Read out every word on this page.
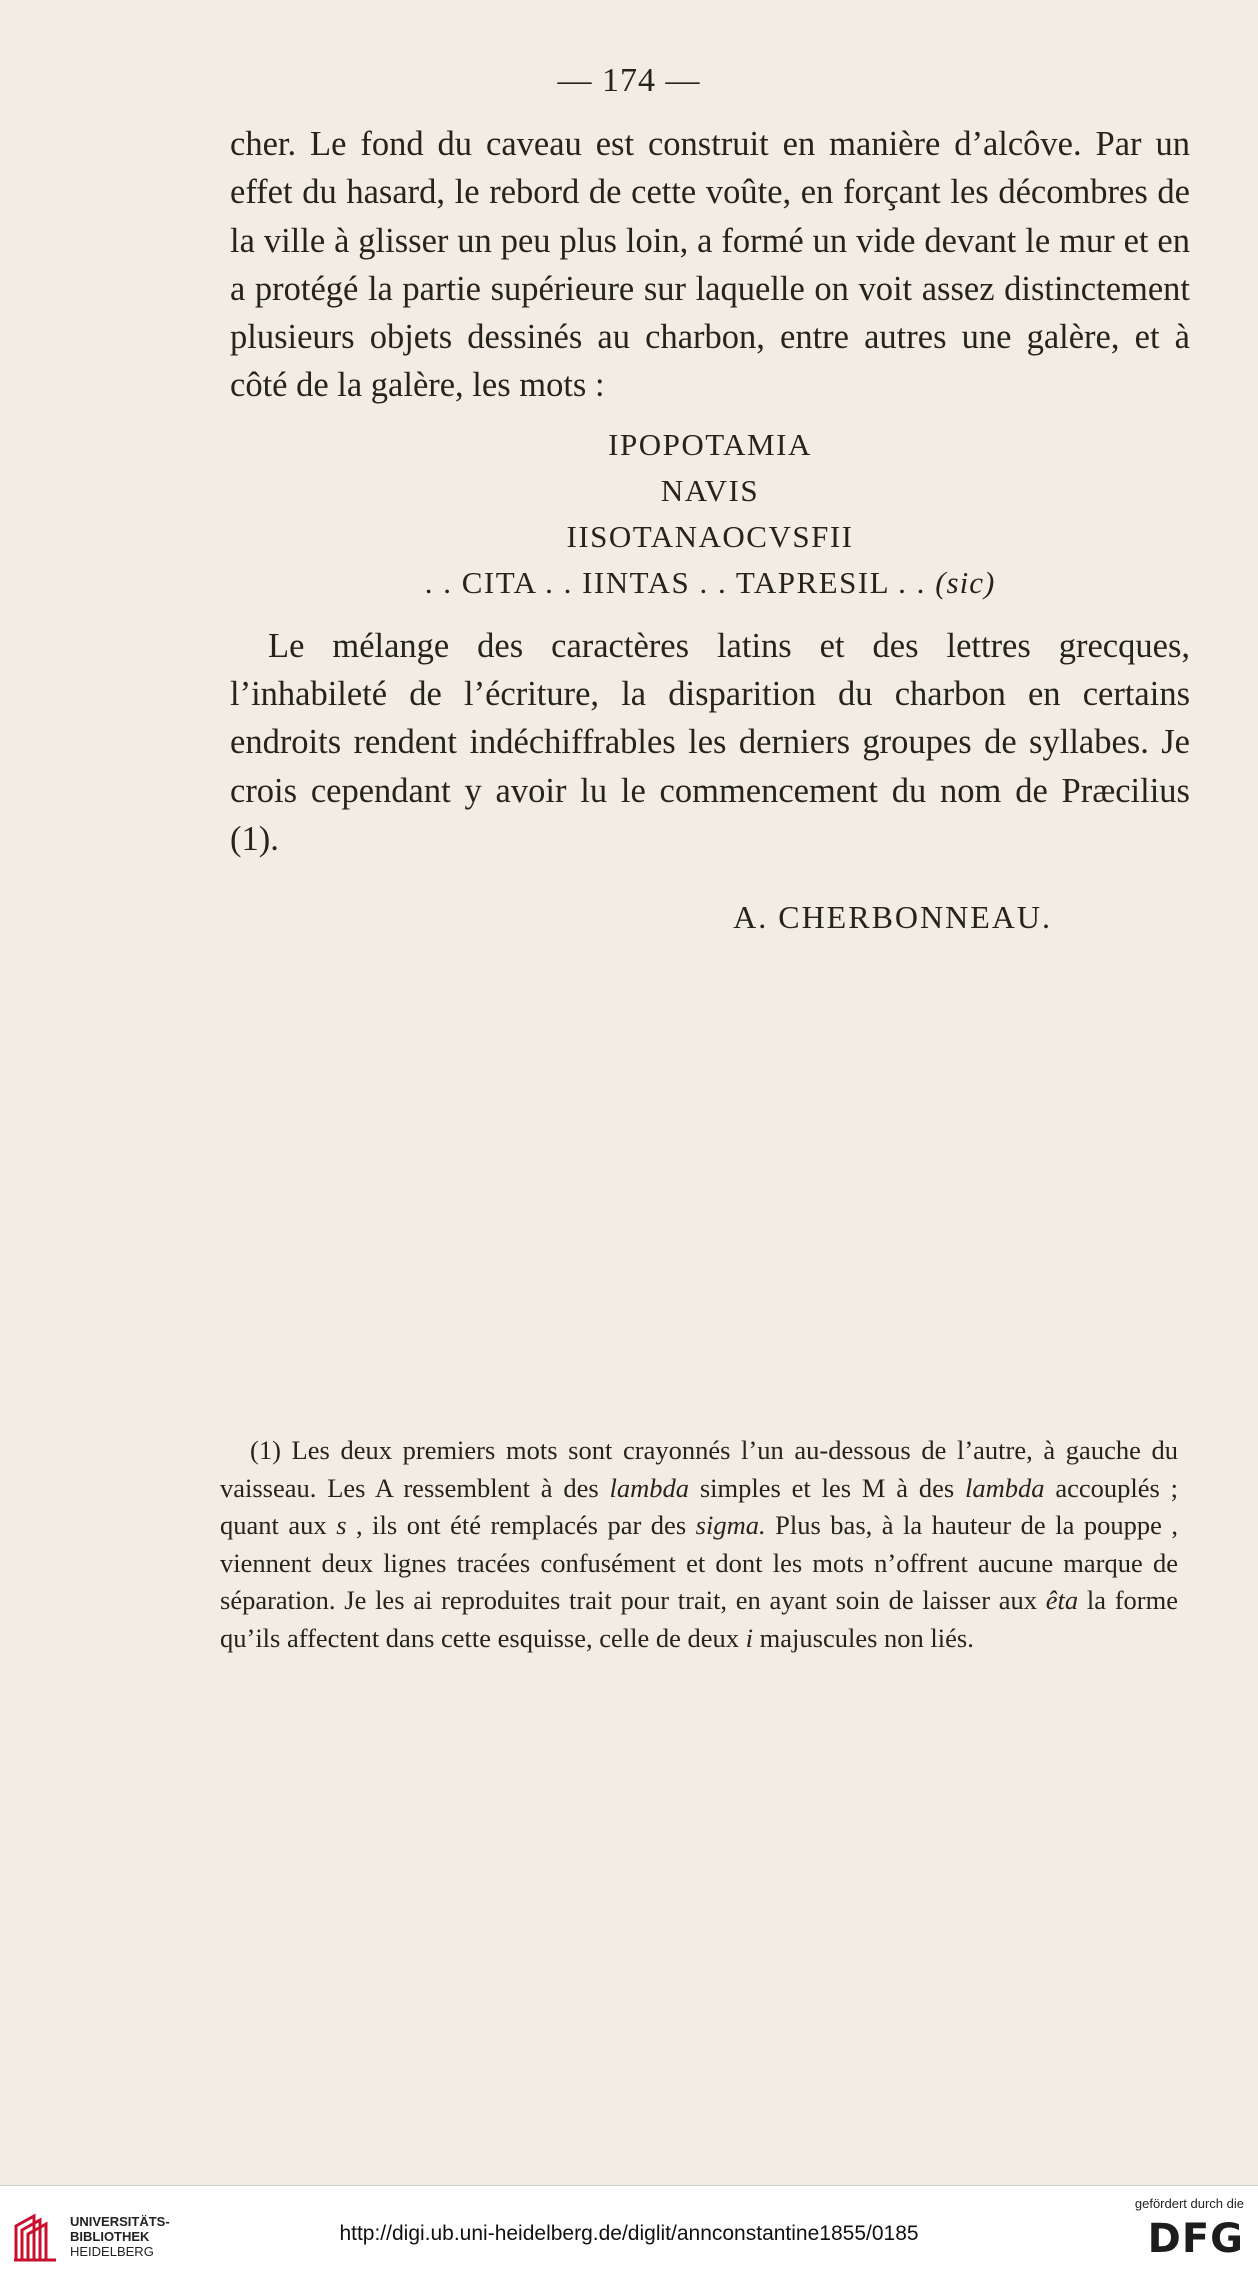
— 174 —

cher. Le fond du caveau est construit en manière d’alcôve. Par un effet du hasard, le rebord de cette voûte, en forçant les décombres de la ville à glisser un peu plus loin, a formé un vide devant le mur et en a protégé la partie supérieure sur laquelle on voit assez distinctement plusieurs objets dessinés au charbon, entre autres une galère, et à côté de la galère, les mots :

IPOPOTAMIA
NAVIS
IISOTANAOCVSFII
. . CITA . . IINTAS . . TAPRESIL . . (sic)

Le mélange des caractères latins et des lettres grecques, l’inhabileté de l’écriture, la disparition du charbon en certains endroits rendent indéchiffrables les derniers groupes de syllabes. Je crois cependant y avoir lu le commencement du nom de Præcilius (1).

A. CHERBONNEAU.
(1) Les deux premiers mots sont crayonnés l’un au-dessous de l’autre, à gauche du vaisseau. Les A ressemblent à des lambda simples et les M à des lambda accouplés ; quant aux s , ils ont été remplacés par des sigma. Plus bas, à la hauteur de la pouppe , viennent deux lignes tracées confusément et dont les mots n’offrent aucune marque de séparation. Je les ai reproduites trait pour trait, en ayant soin de laisser aux êta la forme qu’ils affectent dans cette esquisse, celle de deux i majuscules non liés.
UNIVERSITÄTS-
BIBLIOTHEK
HEIDELBERG
http://digi.ub.uni-heidelberg.de/diglit/annconstantine1855/0185
gefördert durch die
DFG
